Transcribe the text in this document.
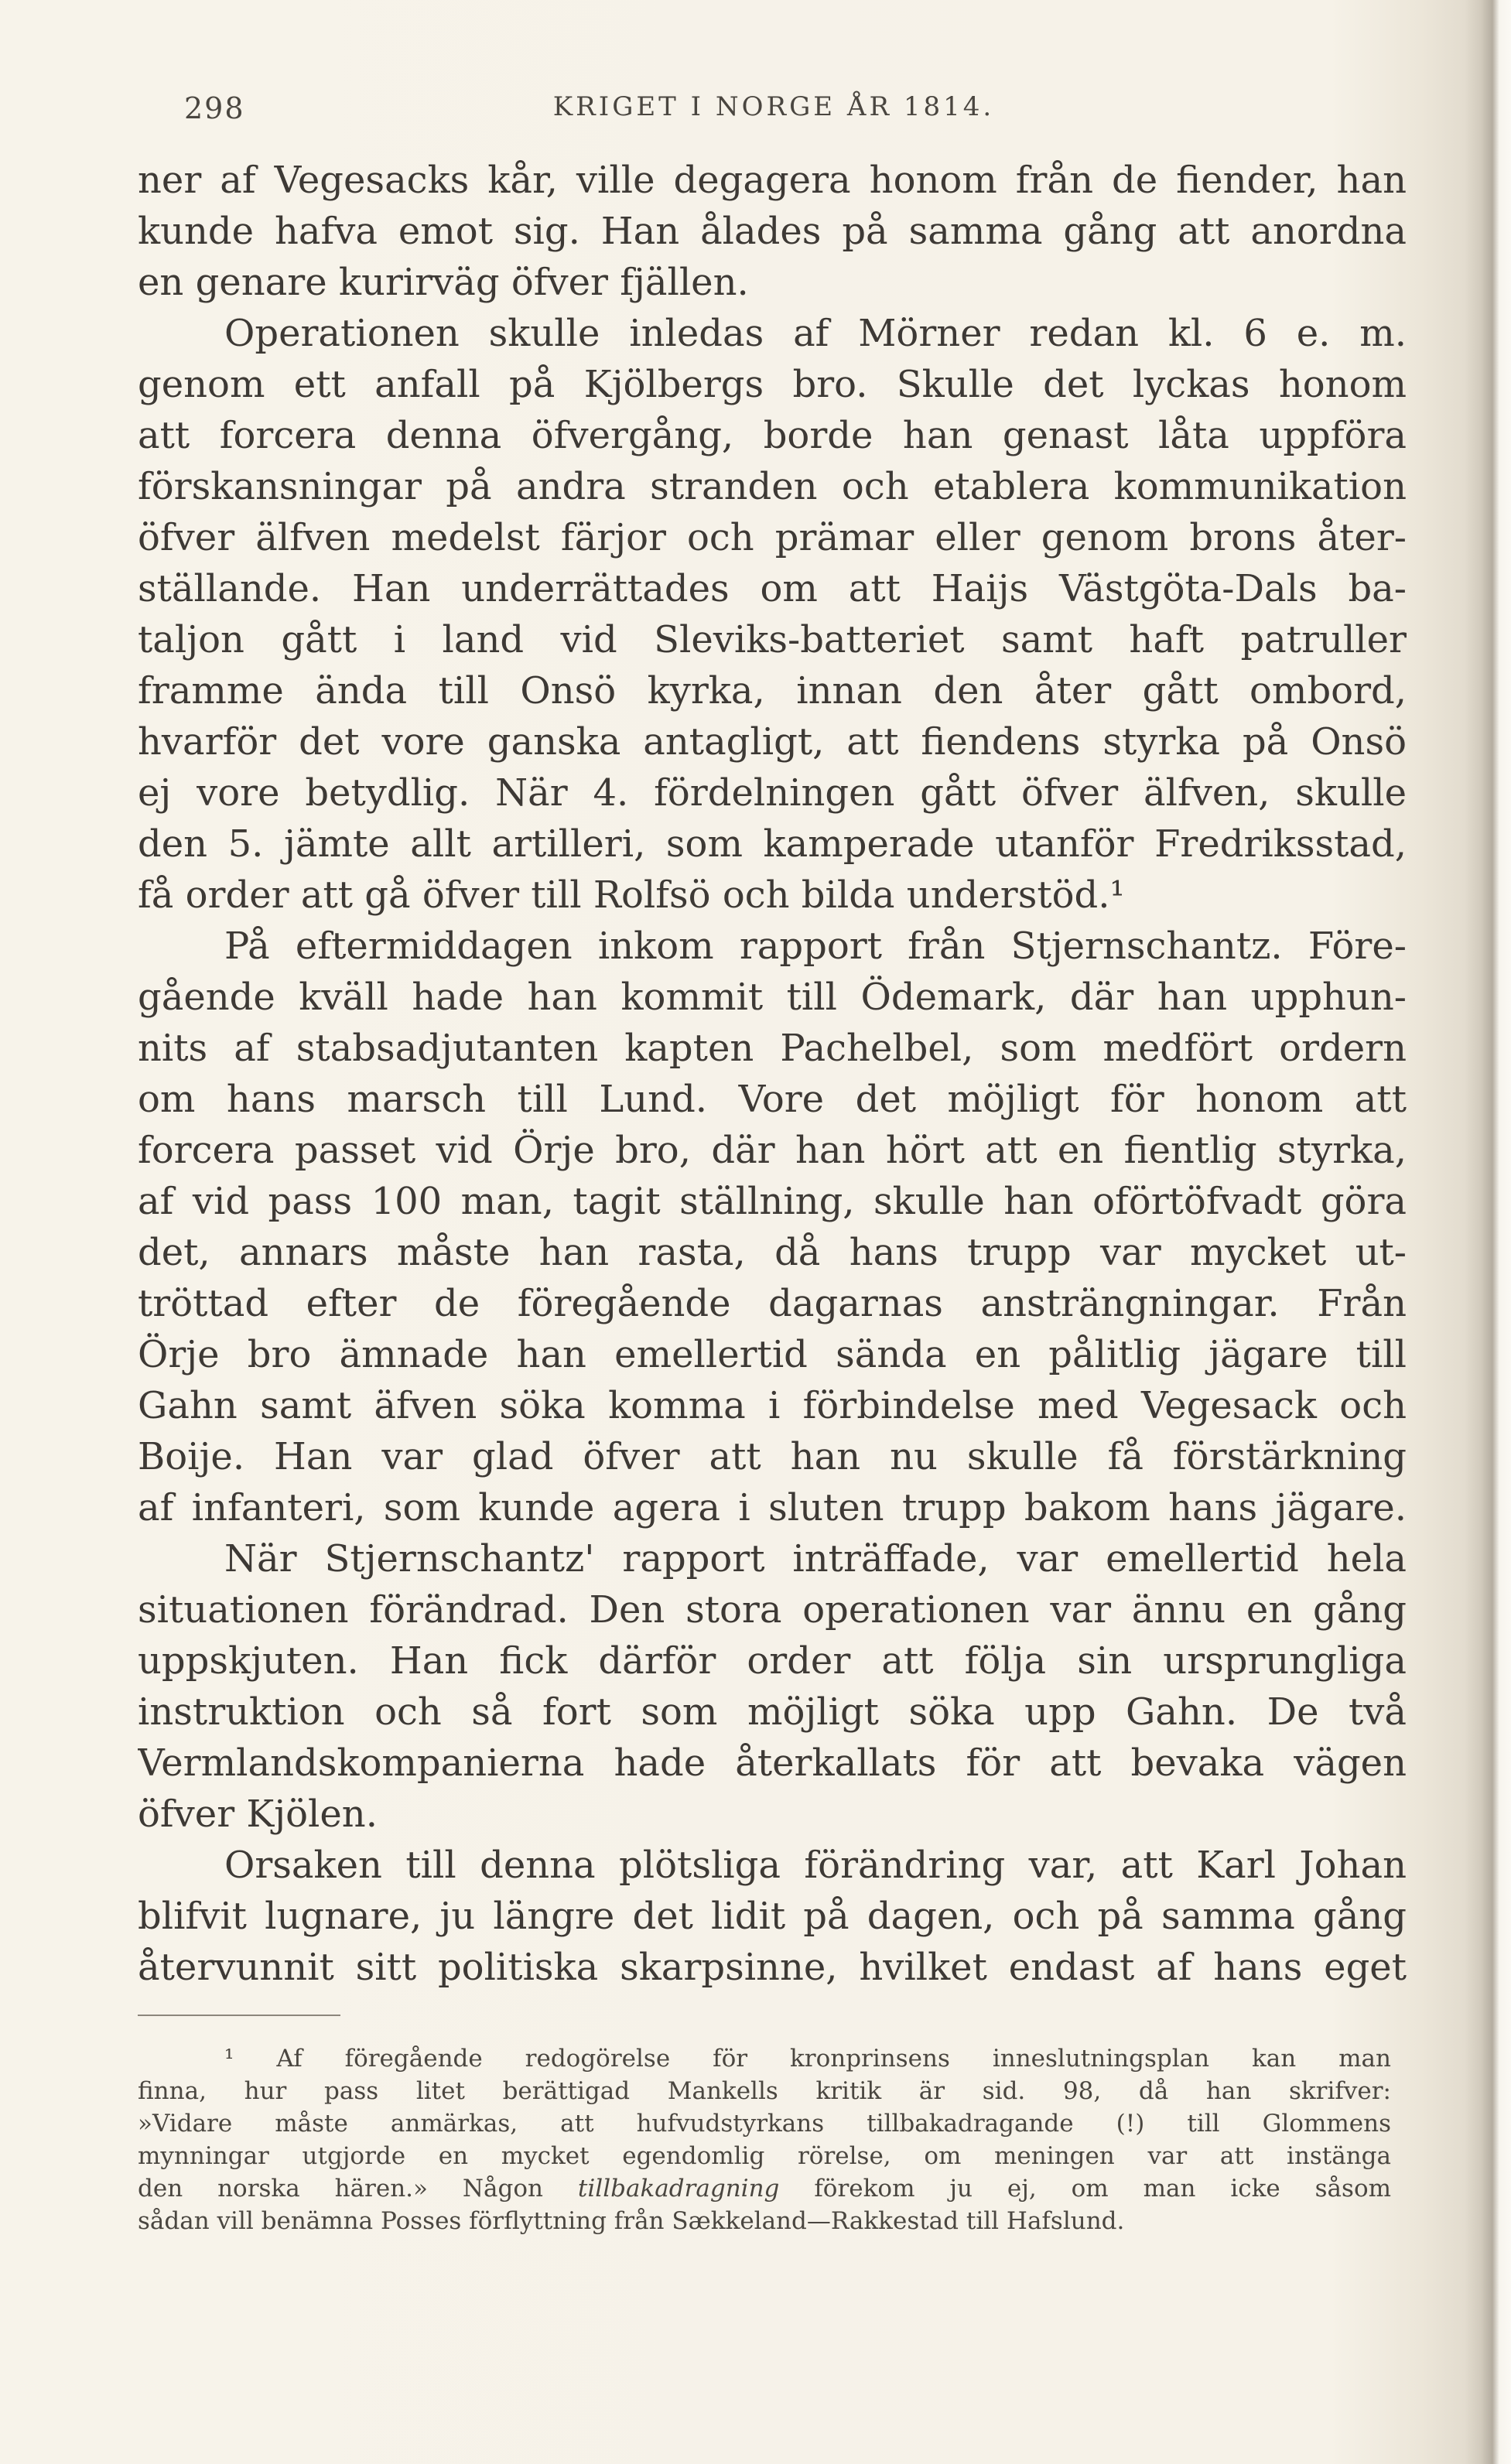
298	KRIGET I NORGE ÅR 1814.
ner af Vegesacks kår, ville degagera honom från de fiender, han
kunde hafva emot sig. Han ålades på samma gång att anordna
en genare kurirväg öfver fjällen.
Operationen skulle inledas af Mörner redan kl. 6 e. m.
genom ett anfall på Kjölbergs bro. Skulle det lyckas honom
att forcera denna öfvergång, borde han genast låta uppföra
förskansningar på andra stranden och etablera kommunikation
öfver älfven medelst färjor och prämar eller genom brons åter-
ställande. Han underrättades om att Haijs Västgöta-Dals ba-
taljon gått i land vid Sleviks-batteriet samt haft patruller
framme ända till Onsö kyrka, innan den åter gått ombord,
hvarför det vore ganska antagligt, att fiendens styrka på Onsö
ej vore betydlig. När 4. fördelningen gått öfver älfven, skulle
den 5. jämte allt artilleri, som kamperade utanför Fredriksstad,
få order att gå öfver till Rolfsö och bilda understöd.¹
På eftermiddagen inkom rapport från Stjernschantz. Före-
gående kväll hade han kommit till Ödemark, där han upphun-
nits af stabsadjutanten kapten Pachelbel, som medfört ordern
om hans marsch till Lund. Vore det möjligt för honom att
forcera passet vid Örje bro, där han hört att en fientlig styrka,
af vid pass 100 man, tagit ställning, skulle han oförtöfvadt göra
det, annars måste han rasta, då hans trupp var mycket ut-
tröttad efter de föregående dagarnas ansträngningar. Från
Örje bro ämnade han emellertid sända en pålitlig jägare till
Gahn samt äfven söka komma i förbindelse med Vegesack och
Boije. Han var glad öfver att han nu skulle få förstärkning
af infanteri, som kunde agera i sluten trupp bakom hans jägare.
När Stjernschantz' rapport inträffade, var emellertid hela
situationen förändrad. Den stora operationen var ännu en gång
uppskjuten. Han fick därför order att följa sin ursprungliga
instruktion och så fort som möjligt söka upp Gahn. De två
Vermlandskompanierna hade återkallats för att bevaka vägen
öfver Kjölen.
Orsaken till denna plötsliga förändring var, att Karl Johan
blifvit lugnare, ju längre det lidit på dagen, och på samma gång
återvunnit sitt politiska skarpsinne, hvilket endast af hans eget
¹ Af föregående redogörelse för kronprinsens inneslutningsplan kan man
finna, hur pass litet berättigad Mankells kritik är sid. 98, då han skrifver:
»Vidare måste anmärkas, att hufvudstyrkans tillbakadragande (!) till Glommens
mynningar utgjorde en mycket egendomlig rörelse, om meningen var att instänga
den norska hären.» Någon tillbakadragning förekom ju ej, om man icke såsom
sådan vill benämna Posses förflyttning från Sækkeland—Rakkestad till Hafslund.
